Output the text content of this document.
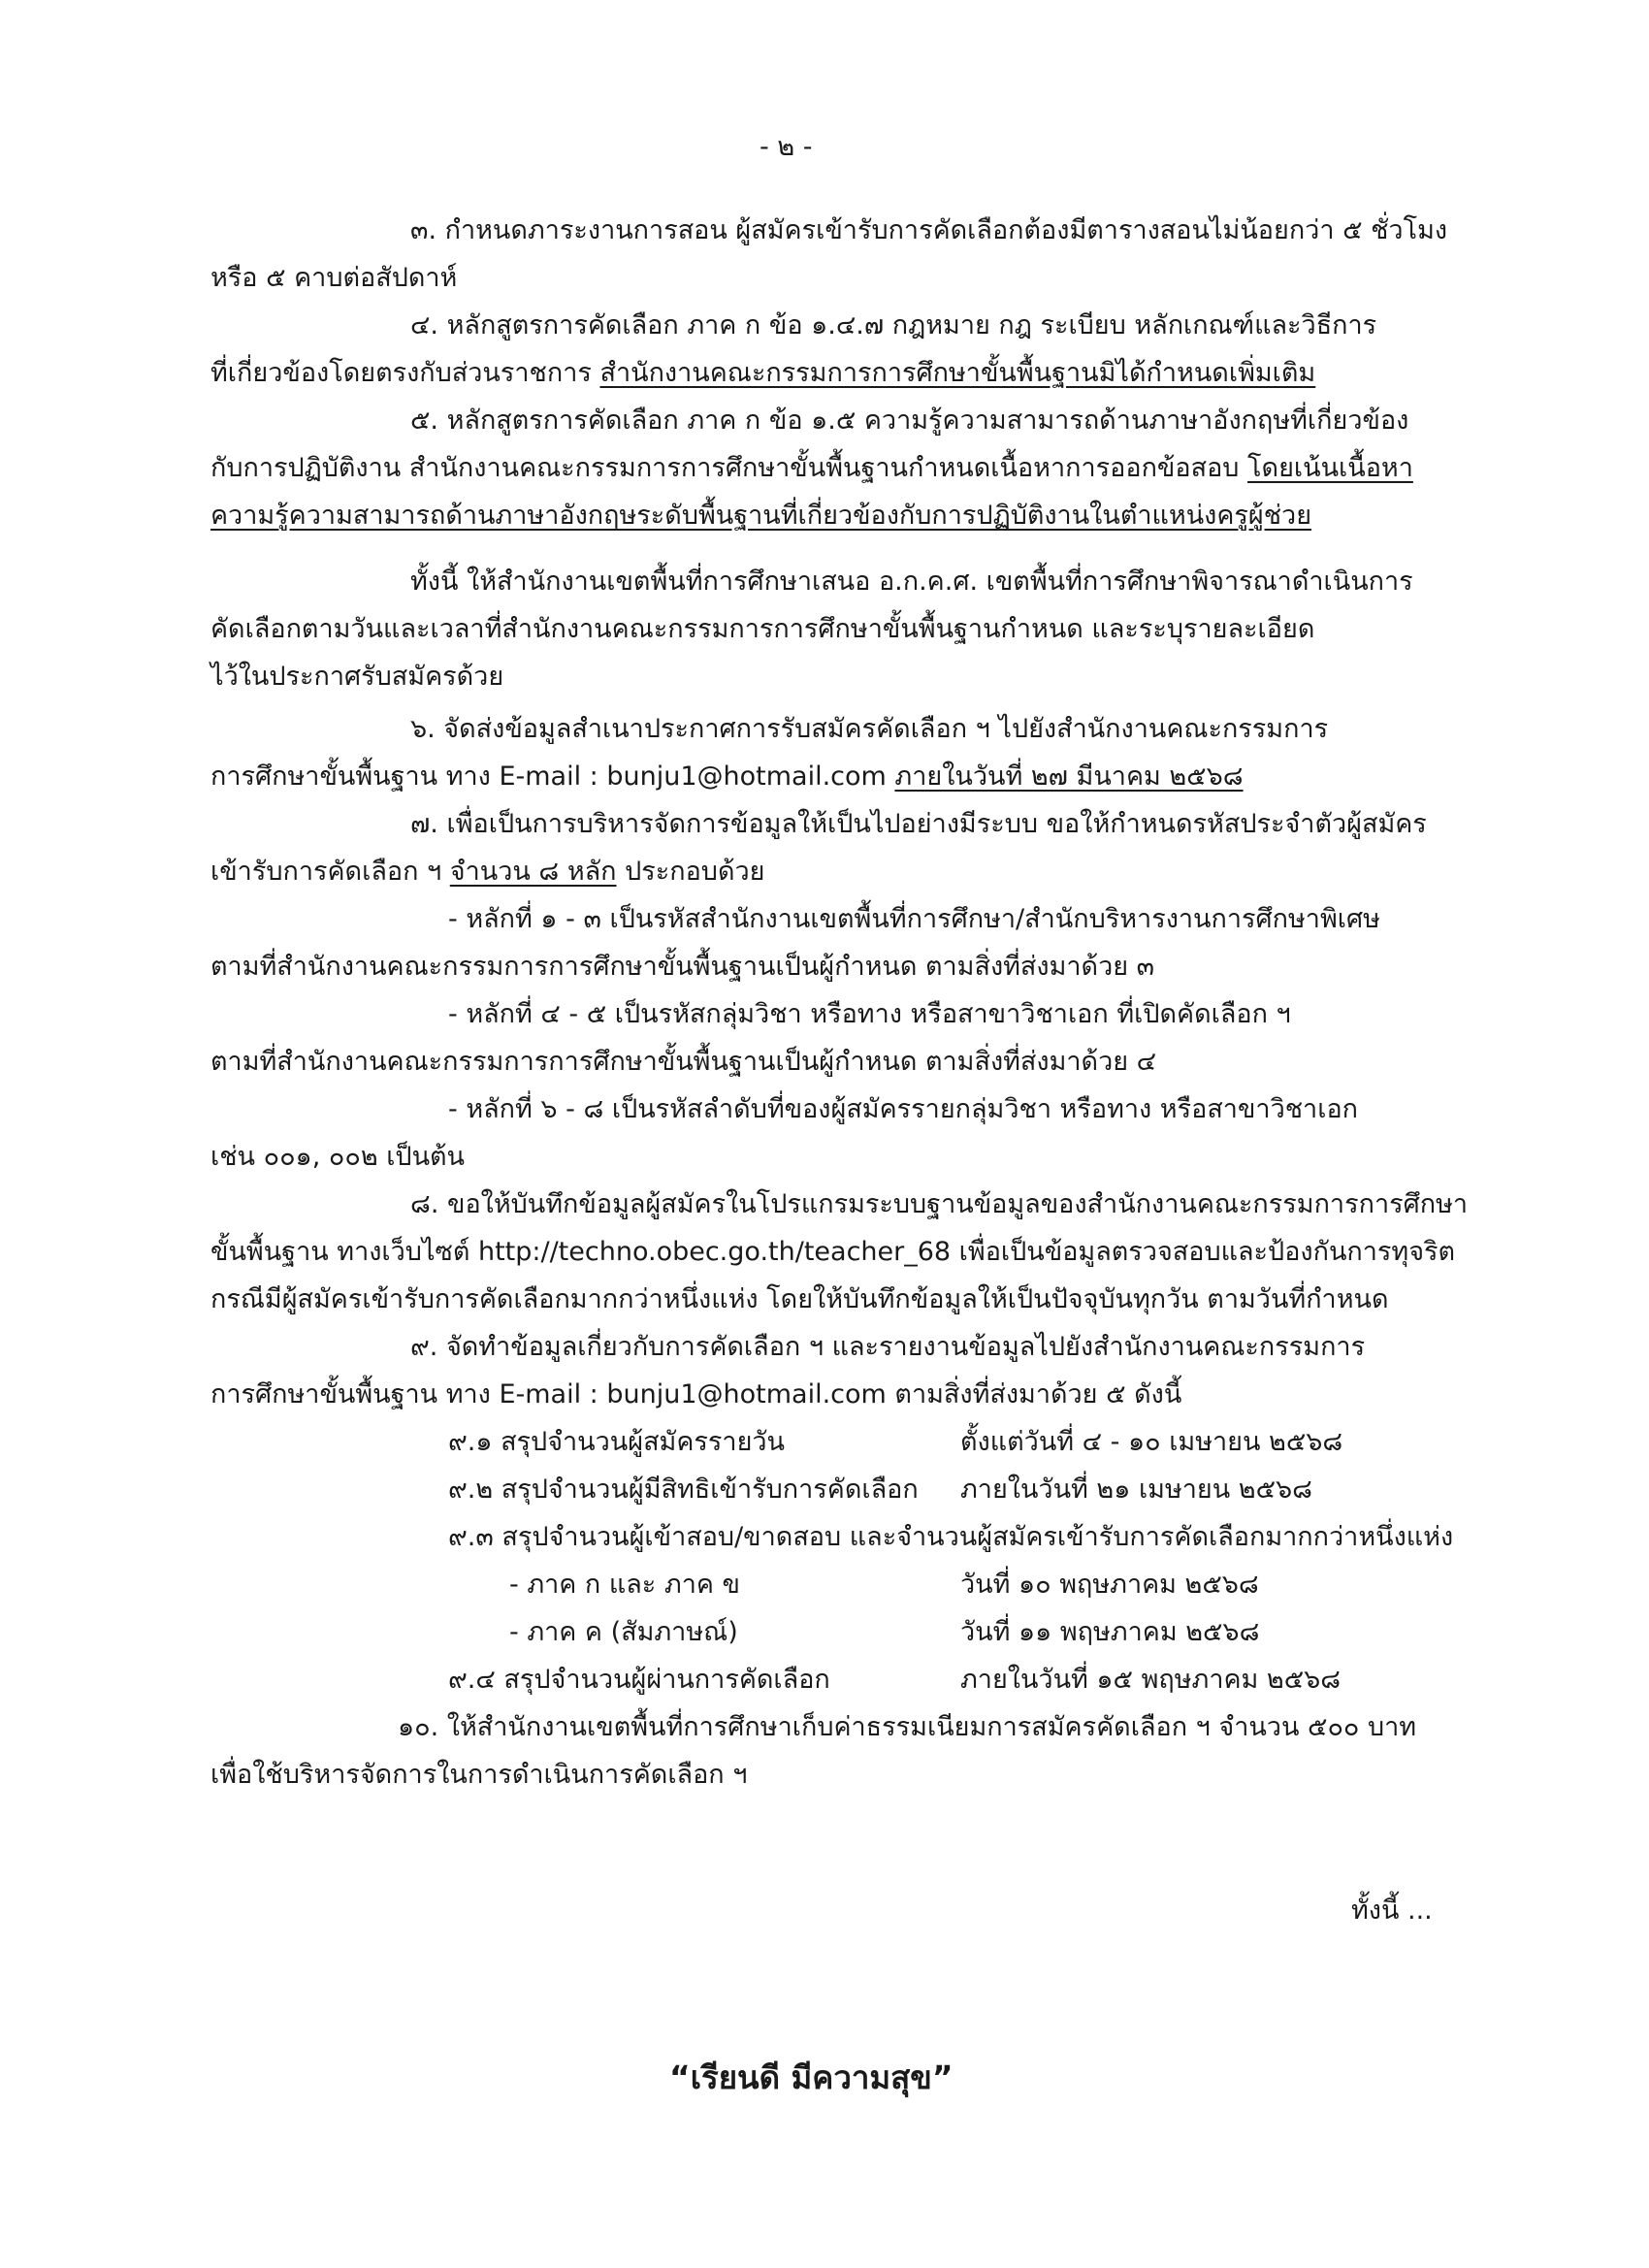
- ๒ -
๓. กำหนดภาระงานการสอน ผู้สมัครเข้ารับการคัดเลือกต้องมีตารางสอนไม่น้อยกว่า ๕ ชั่วโมง
หรือ ๕ คาบต่อสัปดาห์
๔. หลักสูตรการคัดเลือก ภาค ก ข้อ ๑.๔.๗ กฎหมาย กฎ ระเบียบ หลักเกณฑ์และวิธีการ
ที่เกี่ยวข้องโดยตรงกับส่วนราชการ สำนักงานคณะกรรมการการศึกษาขั้นพื้นฐานมิได้กำหนดเพิ่มเติม
๕. หลักสูตรการคัดเลือก ภาค ก ข้อ ๑.๕ ความรู้ความสามารถด้านภาษาอังกฤษที่เกี่ยวข้อง
กับการปฏิบัติงาน สำนักงานคณะกรรมการการศึกษาขั้นพื้นฐานกำหนดเนื้อหาการออกข้อสอบ โดยเน้นเนื้อหา
ความรู้ความสามารถด้านภาษาอังกฤษระดับพื้นฐานที่เกี่ยวข้องกับการปฏิบัติงานในตำแหน่งครูผู้ช่วย
ทั้งนี้ ให้สำนักงานเขตพื้นที่การศึกษาเสนอ อ.ก.ค.ศ. เขตพื้นที่การศึกษาพิจารณาดำเนินการ
คัดเลือกตามวันและเวลาที่สำนักงานคณะกรรมการการศึกษาขั้นพื้นฐานกำหนด และระบุรายละเอียด
ไว้ในประกาศรับสมัครด้วย
๖. จัดส่งข้อมูลสำเนาประกาศการรับสมัครคัดเลือก ฯ ไปยังสำนักงานคณะกรรมการ
การศึกษาขั้นพื้นฐาน ทาง E-mail : bunju1@hotmail.com ภายในวันที่ ๒๗ มีนาคม ๒๕๖๘
๗. เพื่อเป็นการบริหารจัดการข้อมูลให้เป็นไปอย่างมีระบบ ขอให้กำหนดรหัสประจำตัวผู้สมัคร
เข้ารับการคัดเลือก ฯ จำนวน ๘ หลัก ประกอบด้วย
- หลักที่ ๑ - ๓ เป็นรหัสสำนักงานเขตพื้นที่การศึกษา/สำนักบริหารงานการศึกษาพิเศษ
ตามที่สำนักงานคณะกรรมการการศึกษาขั้นพื้นฐานเป็นผู้กำหนด ตามสิ่งที่ส่งมาด้วย ๓
- หลักที่ ๔ - ๕ เป็นรหัสกลุ่มวิชา หรือทาง หรือสาขาวิชาเอก ที่เปิดคัดเลือก ฯ
ตามที่สำนักงานคณะกรรมการการศึกษาขั้นพื้นฐานเป็นผู้กำหนด ตามสิ่งที่ส่งมาด้วย ๔
- หลักที่ ๖ - ๘ เป็นรหัสลำดับที่ของผู้สมัครรายกลุ่มวิชา หรือทาง หรือสาขาวิชาเอก
เช่น ๐๐๑, ๐๐๒ เป็นต้น
๘. ขอให้บันทึกข้อมูลผู้สมัครในโปรแกรมระบบฐานข้อมูลของสำนักงานคณะกรรมการการศึกษา
ขั้นพื้นฐาน ทางเว็บไซต์ http://techno.obec.go.th/teacher_68 เพื่อเป็นข้อมูลตรวจสอบและป้องกันการทุจริต
กรณีมีผู้สมัครเข้ารับการคัดเลือกมากกว่าหนึ่งแห่ง โดยให้บันทึกข้อมูลให้เป็นปัจจุบันทุกวัน ตามวันที่กำหนด
๙. จัดทำข้อมูลเกี่ยวกับการคัดเลือก ฯ และรายงานข้อมูลไปยังสำนักงานคณะกรรมการ
การศึกษาขั้นพื้นฐาน ทาง E-mail : bunju1@hotmail.com ตามสิ่งที่ส่งมาด้วย ๕ ดังนี้
๙.๑ สรุปจำนวนผู้สมัครรายวัน	ตั้งแต่วันที่ ๔ - ๑๐ เมษายน ๒๕๖๘
๙.๒ สรุปจำนวนผู้มีสิทธิเข้ารับการคัดเลือก ภายในวันที่ ๒๑ เมษายน ๒๕๖๘
๙.๓ สรุปจำนวนผู้เข้าสอบ/ขาดสอบ และจำนวนผู้สมัครเข้ารับการคัดเลือกมากกว่าหนึ่งแห่ง
- ภาค ก และ ภาค ข	วันที่ ๑๐ พฤษภาคม ๒๕๖๘
- ภาค ค (สัมภาษณ์)	วันที่ ๑๑ พฤษภาคม ๒๕๖๘
๙.๔ สรุปจำนวนผู้ผ่านการคัดเลือก	ภายในวันที่ ๑๕ พฤษภาคม ๒๕๖๘
๑๐. ให้สำนักงานเขตพื้นที่การศึกษาเก็บค่าธรรมเนียมการสมัครคัดเลือก ฯ จำนวน ๕๐๐ บาท
เพื่อใช้บริหารจัดการในการดำเนินการคัดเลือก ฯ
ทั้งนี้ ...
“เรียนดี มีความสุข”
